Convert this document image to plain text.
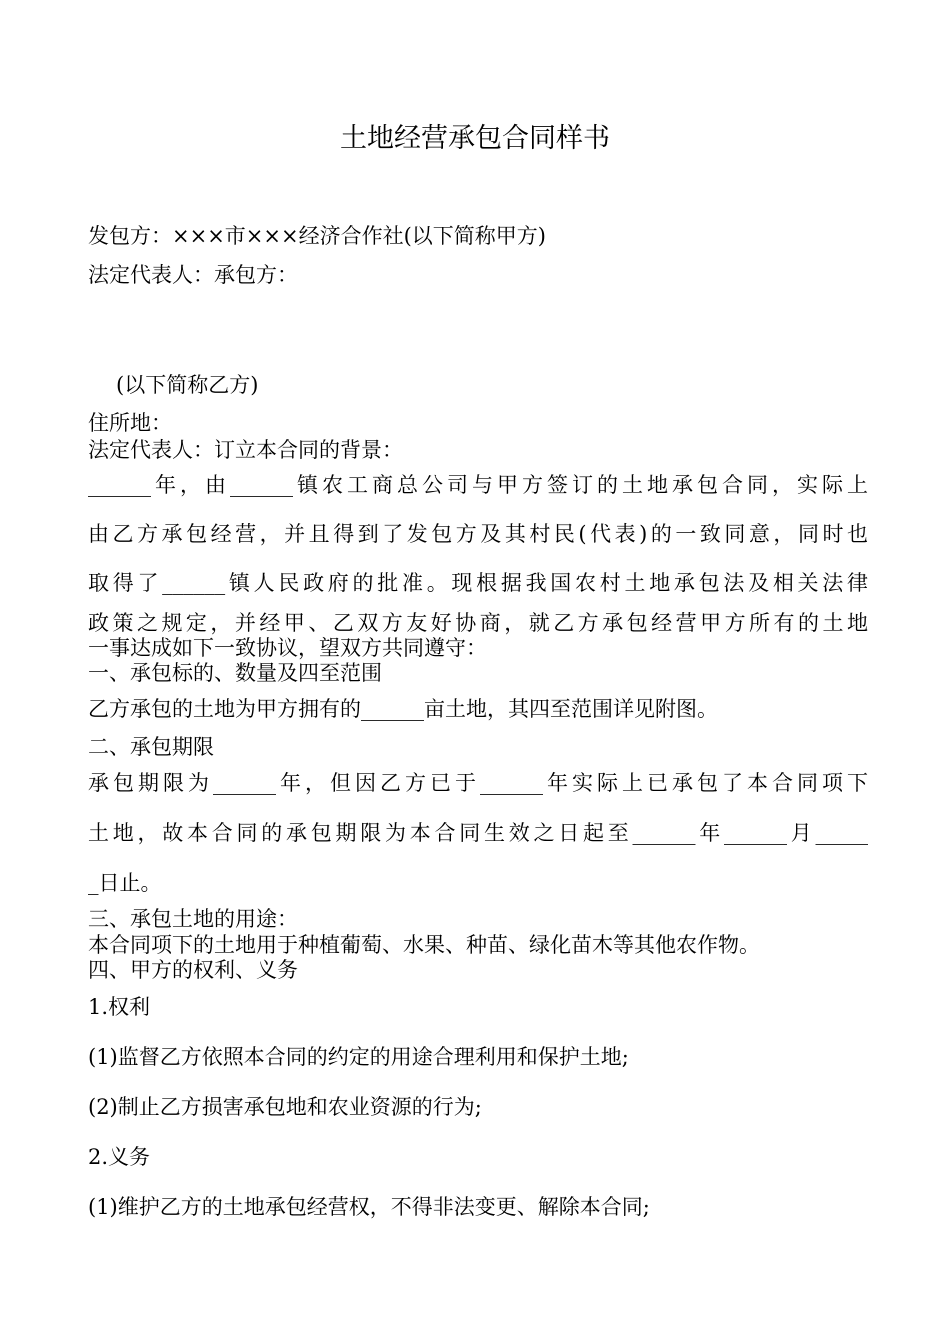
土地经营承包合同样书
发包方：×××市×××经济合作社(以下简称甲方)
法定代表人：承包方：
(以下简称乙方)
住所地：
法定代表人：订立本合同的背景：
______年，由______镇农工商总公司与甲方签订的土地承包合同，实际上
由乙方承包经营，并且得到了发包方及其村民(代表)的一致同意，同时也
取得了______镇人民政府的批准。现根据我国农村土地承包法及相关法律
政策之规定，并经甲、乙双方友好协商，就乙方承包经营甲方所有的土地
一事达成如下一致协议，望双方共同遵守：
一、承包标的、数量及四至范围
乙方承包的土地为甲方拥有的______亩土地，其四至范围详见附图。
二、承包期限
承包期限为______年，但因乙方已于______年实际上已承包了本合同项下
土地，故本合同的承包期限为本合同生效之日起至______年______月_____
_日止。
三、承包土地的用途：
本合同项下的土地用于种植葡萄、水果、种苗、绿化苗木等其他农作物。
四、甲方的权利、义务
1.权利
(1)监督乙方依照本合同的约定的用途合理利用和保护土地;
(2)制止乙方损害承包地和农业资源的行为;
2.义务
(1)维护乙方的土地承包经营权，不得非法变更、解除本合同;
